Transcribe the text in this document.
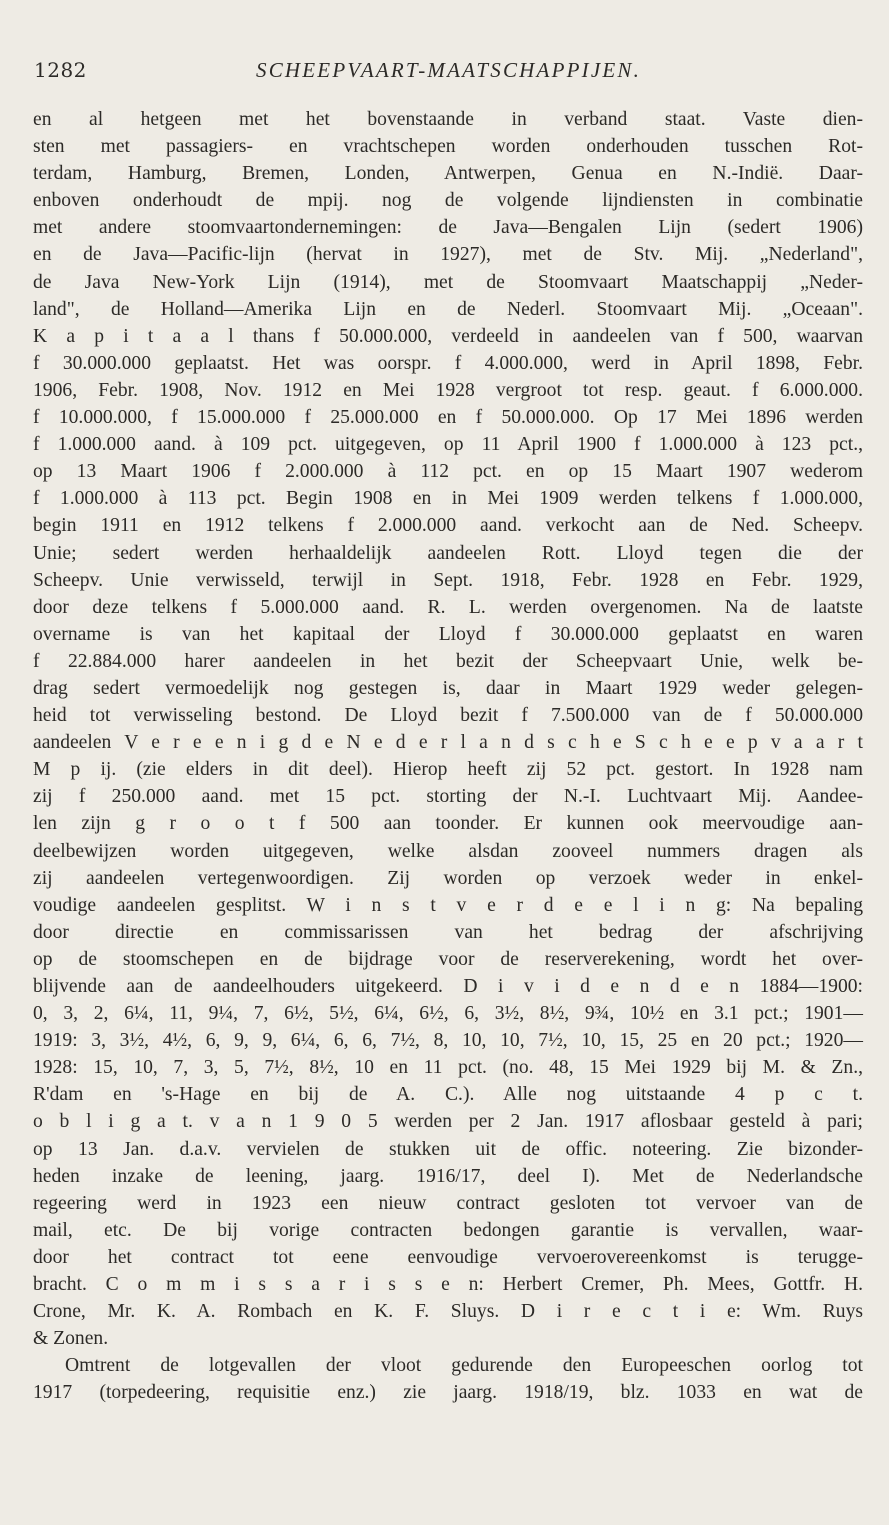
1282	SCHEEPVAART-MAATSCHAPPIJEN.
en al hetgeen met het bovenstaande in verband staat. Vaste dien-
sten met passagiers- en vrachtschepen worden onderhouden tusschen Rot-
terdam, Hamburg, Bremen, Londen, Antwerpen, Genua en N.-Indië. Daar-
enboven onderhoudt de mpij. nog de volgende lijndiensten in combinatie
met andere stoomvaartondernemingen: de Java—Bengalen Lijn (sedert 1906)
en de Java—Pacific-lijn (hervat in 1927), met de Stv. Mij. „Nederland",
de Java New-York Lijn (1914), met de Stoomvaart Maatschappij „Neder-
land", de Holland—Amerika Lijn en de Nederl. Stoomvaart Mij. „Oceaan".
K a p i t a a l thans f 50.000.000, verdeeld in aandeelen van f 500, waarvan
f 30.000.000 geplaatst. Het was oorspr. f 4.000.000, werd in April 1898, Febr.
1906, Febr. 1908, Nov. 1912 en Mei 1928 vergroot tot resp. geaut. f 6.000.000.
f 10.000.000, f 15.000.000 f 25.000.000 en f 50.000.000. Op 17 Mei 1896 werden
f 1.000.000 aand. à 109 pct. uitgegeven, op 11 April 1900 f 1.000.000 à 123 pct.,
op 13 Maart 1906 f 2.000.000 à 112 pct. en op 15 Maart 1907 wederom
f 1.000.000 à 113 pct. Begin 1908 en in Mei 1909 werden telkens f 1.000.000,
begin 1911 en 1912 telkens f 2.000.000 aand. verkocht aan de Ned. Scheepv.
Unie; sedert werden herhaaldelijk aandeelen Rott. Lloyd tegen die der
Scheepv. Unie verwisseld, terwijl in Sept. 1918, Febr. 1928 en Febr. 1929,
door deze telkens f 5.000.000 aand. R. L. werden overgenomen. Na de laatste
overname is van het kapitaal der Lloyd f 30.000.000 geplaatst en waren
f 22.884.000 harer aandeelen in het bezit der Scheepvaart Unie, welk be-
drag sedert vermoedelijk nog gestegen is, daar in Maart 1929 weder gelegen-
heid tot verwisseling bestond. De Lloyd bezit f 7.500.000 van de f 50.000.000
aandeelen V e r e e n i g d e N e d e r l a n d s c h e S c h e e p v a a r t
M p ij. (zie elders in dit deel). Hierop heeft zij 52 pct. gestort. In 1928 nam
zij f 250.000 aand. met 15 pct. storting der N.-I. Luchtvaart Mij. Aandee-
len zijn g r o o t f 500 aan toonder. Er kunnen ook meervoudige aan-
deelbewijzen worden uitgegeven, welke alsdan zooveel nummers dragen als
zij aandeelen vertegenwoordigen. Zij worden op verzoek weder in enkel-
voudige aandeelen gesplitst. W i n s t v e r d e e l i n g: Na bepaling
door directie en commissarissen van het bedrag der afschrijving
op de stoomschepen en de bijdrage voor de reserverekening, wordt het over-
blijvende aan de aandeelhouders uitgekeerd. D i v i d e n d e n 1884—1900:
0, 3, 2, 6¼, 11, 9¼, 7, 6½, 5½, 6¼, 6½, 6, 3½, 8½, 9¾, 10½ en 3.1 pct.; 1901—
1919: 3, 3½, 4½, 6, 9, 9, 6¼, 6, 6, 7½, 8, 10, 10, 7½, 10, 15, 25 en 20 pct.; 1920—
1928: 15, 10, 7, 3, 5, 7½, 8½, 10 en 11 pct. (no. 48, 15 Mei 1929 bij M. & Zn.,
R'dam en 's-Hage en bij de A. C.). Alle nog uitstaande 4 p c t.
o b l i g a t. v a n 1 9 0 5 werden per 2 Jan. 1917 aflosbaar gesteld à pari;
op 13 Jan. d.a.v. vervielen de stukken uit de offic. noteering. Zie bizonder-
heden inzake de leening, jaarg. 1916/17, deel I). Met de Nederlandsche
regeering werd in 1923 een nieuw contract gesloten tot vervoer van de
mail, etc. De bij vorige contracten bedongen garantie is vervallen, waar-
door het contract tot eene eenvoudige vervoerovereenkomst is terugge-
bracht. C o m m i s s a r i s s e n: Herbert Cremer, Ph. Mees, Gottfr. H.
Crone, Mr. K. A. Rombach en K. F. Sluys. D i r e c t i e: Wm. Ruys
& Zonen.
Omtrent de lotgevallen der vloot gedurende den Europeeschen oorlog tot
1917 (torpedeering, requisitie enz.) zie jaarg. 1918/19, blz. 1033 en wat de
